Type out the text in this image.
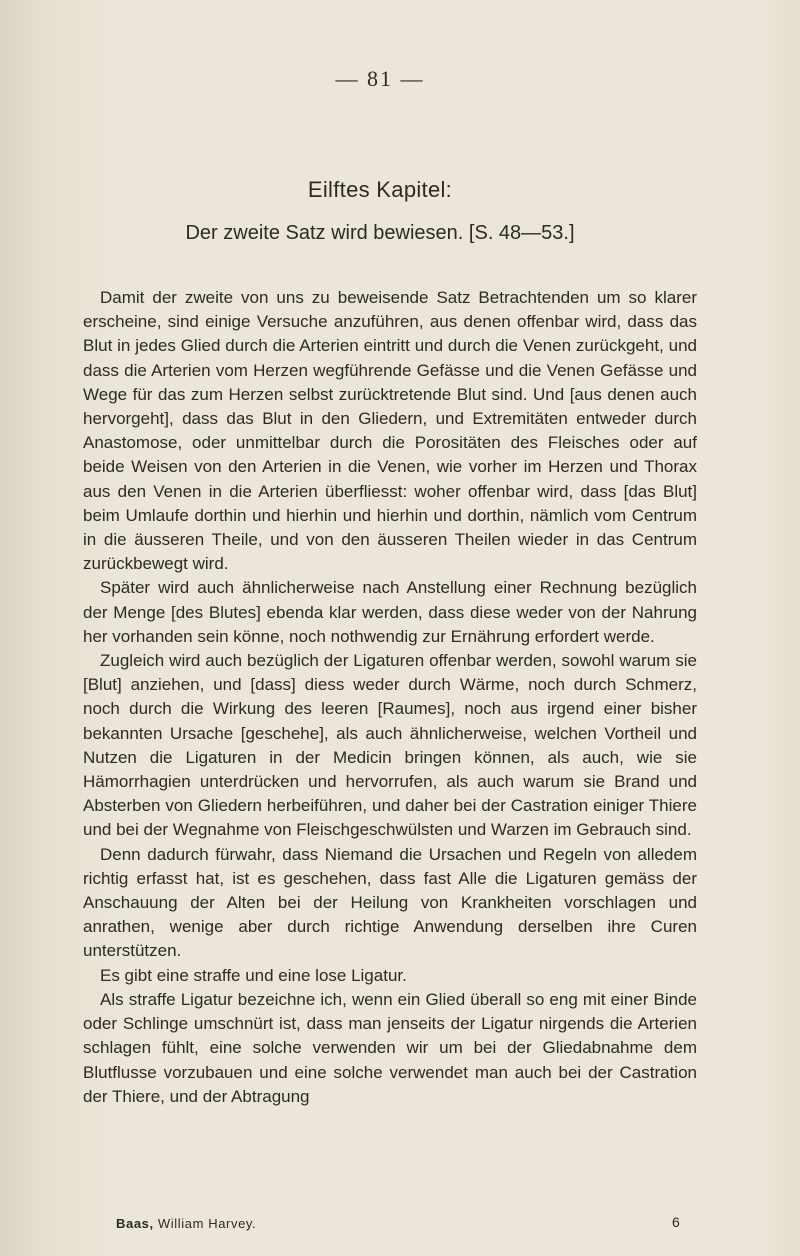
— 81 —
Eilftes Kapitel:
Der zweite Satz wird bewiesen. [S. 48—53.]

Damit der zweite von uns zu beweisende Satz Betrachtenden um so klarer erscheine, sind einige Versuche anzuführen, aus denen offenbar wird, dass das Blut in jedes Glied durch die Arterien eintritt und durch die Venen zurückgeht, und dass die Arterien vom Herzen wegführende Gefässe und die Venen Gefässe und Wege für das zum Herzen selbst zurücktretende Blut sind. Und [aus denen auch hervorgeht], dass das Blut in den Gliedern, und Extremitäten entweder durch Anastomose, oder unmittelbar durch die Porositäten des Fleisches oder auf beide Weisen von den Arterien in die Venen, wie vorher im Herzen und Thorax aus den Venen in die Arterien überfliesst: woher offenbar wird, dass [das Blut] beim Umlaufe dorthin und hierhin und hierhin und dorthin, nämlich vom Centrum in die äusseren Theile, und von den äusseren Theilen wieder in das Centrum zurückbewegt wird.

Später wird auch ähnlicherweise nach Anstellung einer Rechnung bezüglich der Menge [des Blutes] ebenda klar werden, dass diese weder von der Nahrung her vorhanden sein könne, noch nothwendig zur Ernährung erfordert werde.

Zugleich wird auch bezüglich der Ligaturen offenbar werden, sowohl warum sie [Blut] anziehen, und [dass] diess weder durch Wärme, noch durch Schmerz, noch durch die Wirkung des leeren [Raumes], noch aus irgend einer bisher bekannten Ursache [geschehe], als auch ähnlicherweise, welchen Vortheil und Nutzen die Ligaturen in der Medicin bringen können, als auch, wie sie Hämorrhagien unterdrücken und hervorrufen, als auch warum sie Brand und Absterben von Gliedern herbeiführen, und daher bei der Castration einiger Thiere und bei der Wegnahme von Fleischgeschwülsten und Warzen im Gebrauch sind.

Denn dadurch fürwahr, dass Niemand die Ursachen und Regeln von alledem richtig erfasst hat, ist es geschehen, dass fast Alle die Ligaturen gemäss der Anschauung der Alten bei der Heilung von Krankheiten vorschlagen und anrathen, wenige aber durch richtige Anwendung derselben ihre Curen unterstützen.

Es gibt eine straffe und eine lose Ligatur.

Als straffe Ligatur bezeichne ich, wenn ein Glied überall so eng mit einer Binde oder Schlinge umschnürt ist, dass man jenseits der Ligatur nirgends die Arterien schlagen fühlt, eine solche verwenden wir um bei der Gliedabnahme dem Blutflusse vorzubauen und eine solche verwendet man auch bei der Castration der Thiere, und der Abtragung

Baas, William Harvey.	6
